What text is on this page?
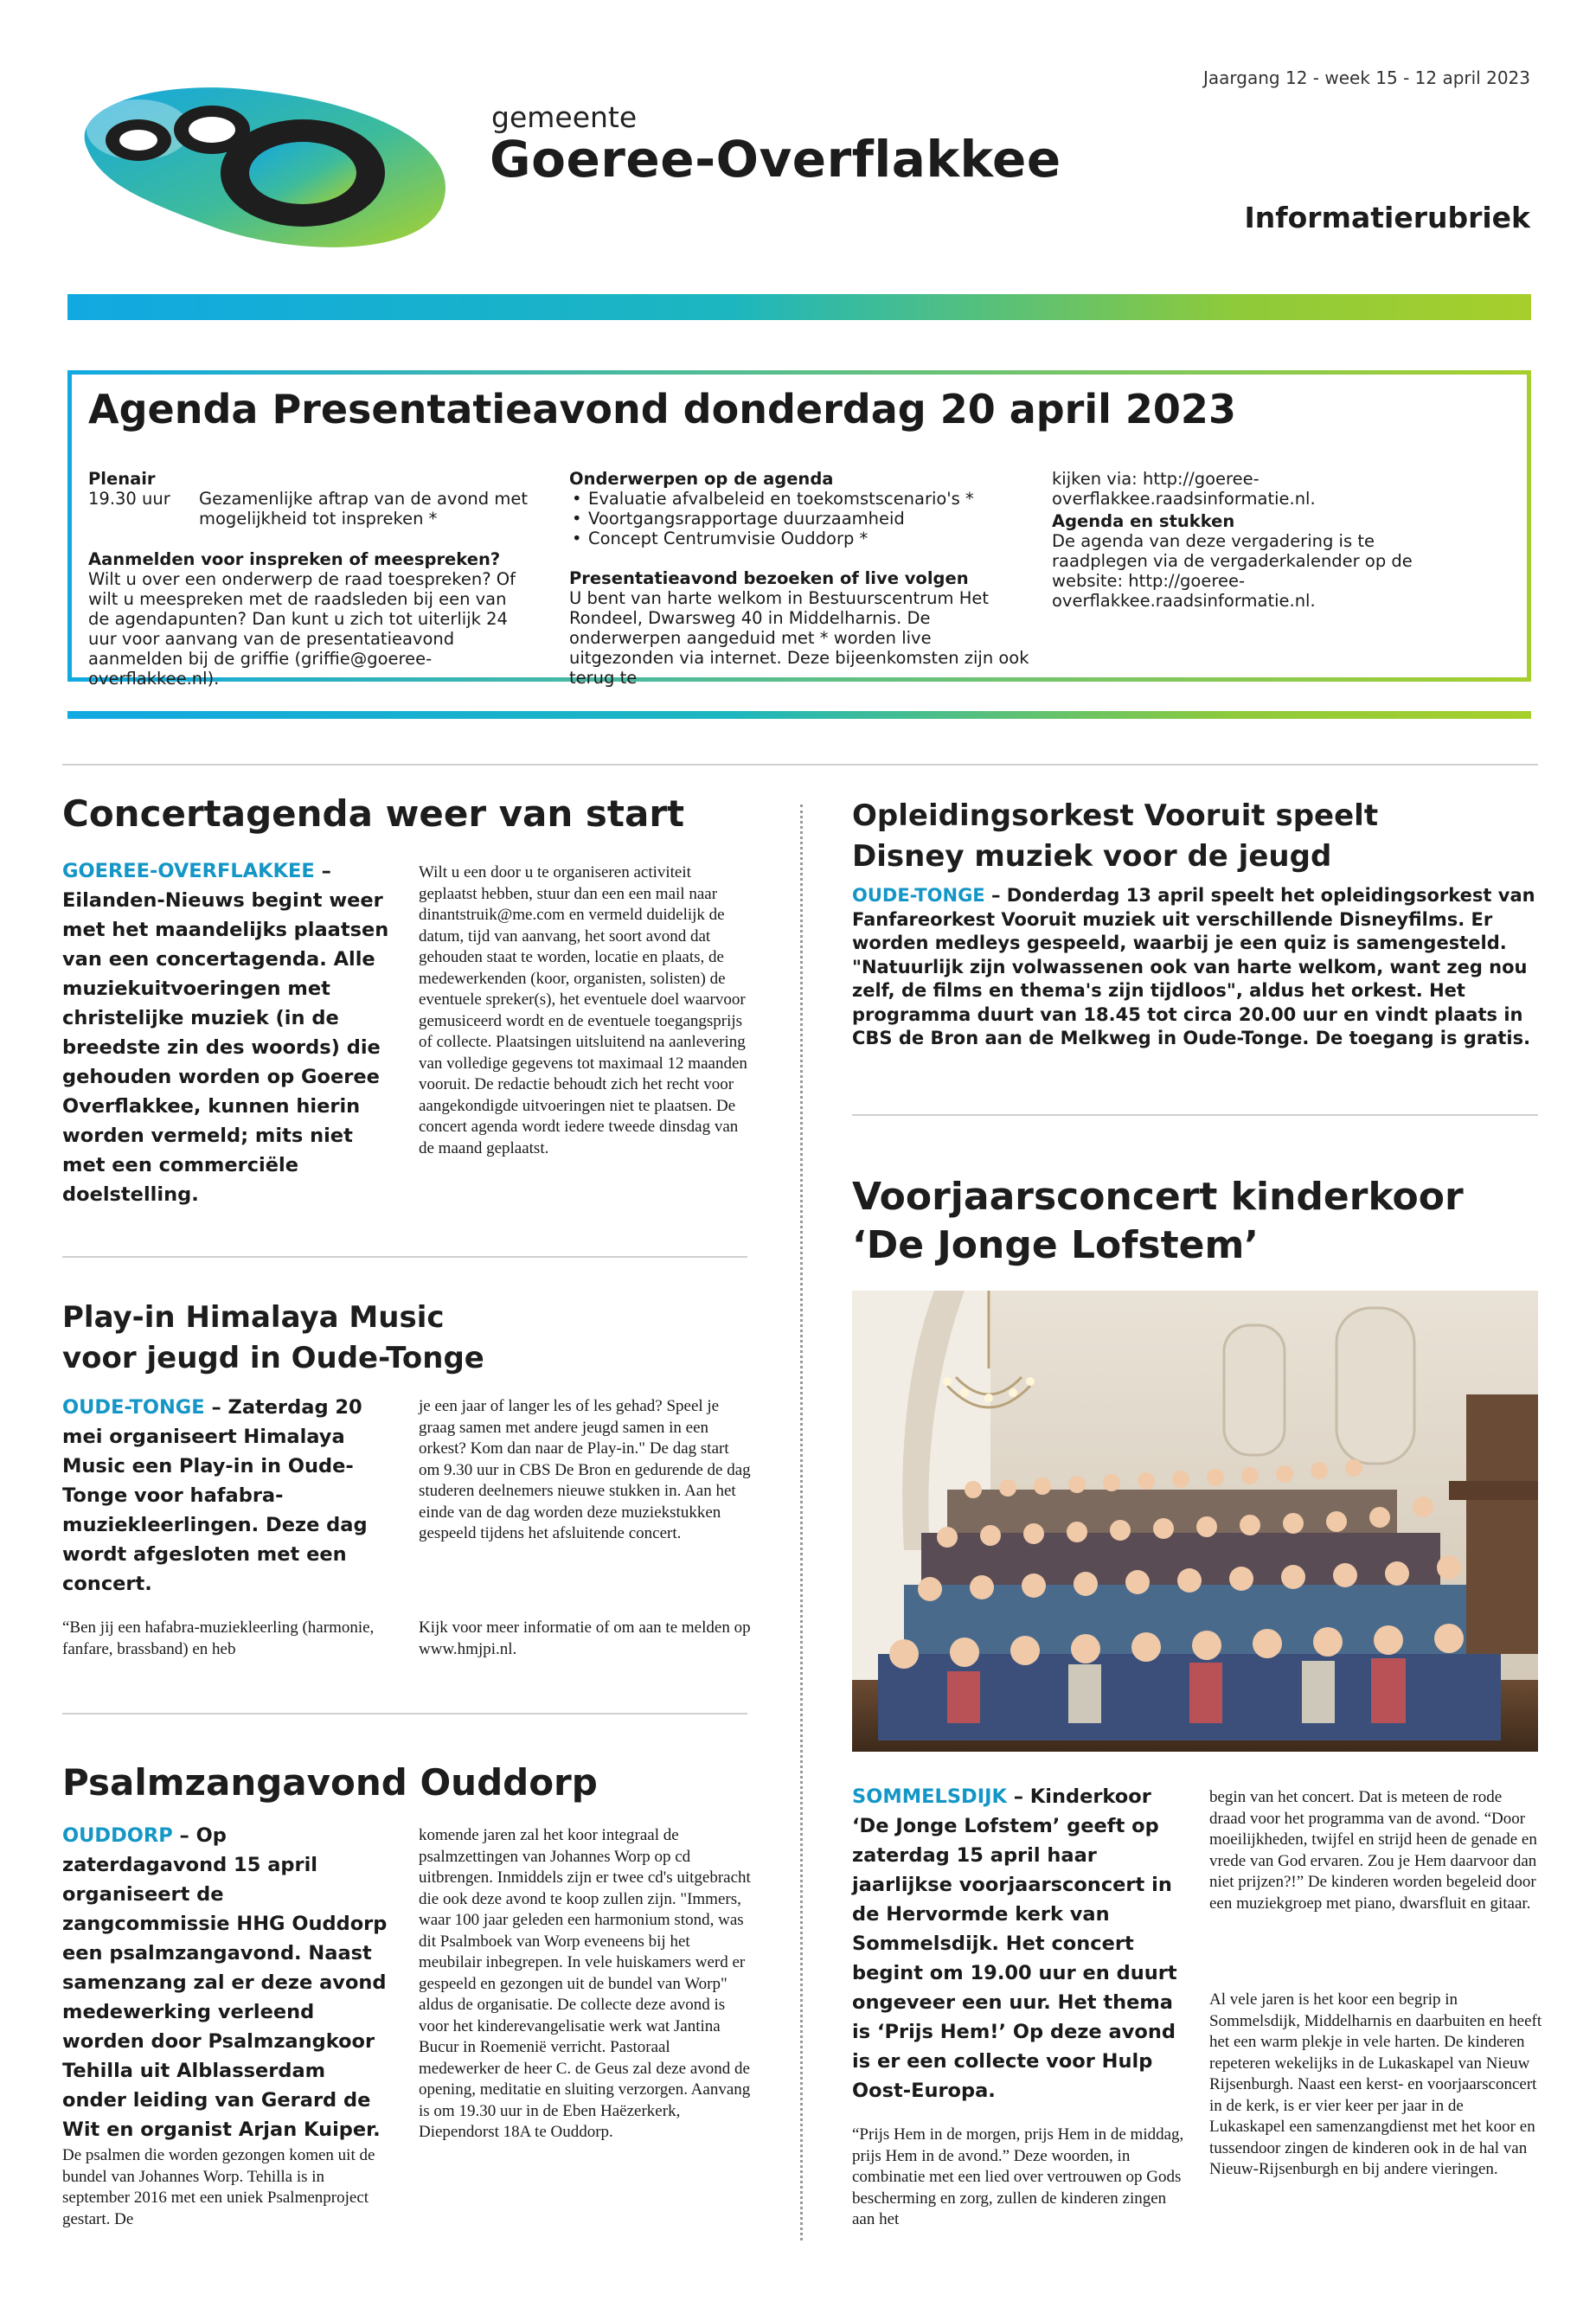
gemeente
Goeree-Overflakkee
Jaargang 12 - week 15 - 12 april 2023
Informatierubriek
Agenda Presentatieavond donderdag 20 april 2023

Plenair

19.30 uur	Gezamenlijke aftrap van de avond met mogelijkheid tot inspreken *

Aanmelden voor inspreken of meespreken?

Wilt u over een onderwerp de raad toespreken? Of wilt u meespreken met de raadsleden bij een van de agendapunten? Dan kunt u zich tot uiterlijk 24 uur voor aanvang van de presentatieavond aanmelden bij de griffie (griffie@goeree-overflakkee.nl).

Onderwerpen op de agenda

• Evaluatie afvalbeleid en toekomstscenario's *
• Voortgangsrapportage duurzaamheid
• Concept Centrumvisie Ouddorp *

Presentatieavond bezoeken of live volgen

U bent van harte welkom in Bestuurscentrum Het Rondeel, Dwarsweg 40 in Middelharnis. De onderwerpen aangeduid met * worden live uitgezonden via internet. Deze bijeenkomsten zijn ook terug te

kijken via: http://goeree-overflakkee.raadsinformatie.nl.

Agenda en stukken

De agenda van deze vergadering is te raadplegen via de vergaderkalender op de website: http://goeree-overflakkee.raadsinformatie.nl.

Concertagenda weer van start

GOEREE-OVERFLAKKEE – Eilanden-Nieuws begint weer met het maandelijks plaatsen van een concertagenda. Alle muziekuitvoeringen met christelijke muziek (in de breedste zin des woords) die gehouden worden op Goeree Overflakkee, kunnen hierin worden vermeld; mits niet met een commerciële doelstelling.

Wilt u een door u te organiseren activiteit geplaatst hebben, stuur dan een een mail naar dinantstruik@me.com en vermeld duidelijk de datum, tijd van aanvang, het soort avond dat gehouden staat te worden, locatie en plaats, de medewerkenden (koor, organisten, solisten) de eventuele spreker(s), het eventuele doel waarvoor gemusiceerd wordt en de eventuele toegangsprijs of collecte. Plaatsingen uitsluitend na aanlevering van volledige gegevens tot maximaal 12 maanden vooruit. De redactie behoudt zich het recht voor aangekondigde uitvoeringen niet te plaatsen. De concert agenda wordt iedere tweede dinsdag van de maand geplaatst.

Play-in Himalaya Music
voor jeugd in Oude-Tonge

OUDE-TONGE – Zaterdag 20 mei organiseert Himalaya Music een Play-in in Oude-Tonge voor hafabra-muziekleerlingen. Deze dag wordt afgesloten met een concert.

“Ben jij een hafabra-muziekleerling (harmonie, fanfare, brassband) en heb

je een jaar of langer les of les gehad? Speel je graag samen met andere jeugd samen in een orkest? Kom dan naar de Play-in." De dag start om 9.30 uur in CBS De Bron en gedurende de dag studeren deelnemers nieuwe stukken in. Aan het einde van de dag worden deze muziekstukken gespeeld tijdens het afsluitende concert.

Kijk voor meer informatie of om aan te melden op www.hmjpi.nl.

Psalmzangavond Ouddorp

OUDDORP – Op zaterdagavond 15 april organiseert de zangcommissie HHG Ouddorp een psalmzangavond. Naast samenzang zal er deze avond medewerking verleend worden door Psalmzangkoor Tehilla uit Alblasserdam onder leiding van Gerard de Wit en organist Arjan Kuiper.

De psalmen die worden gezongen komen uit de bundel van Johannes Worp. Tehilla is in september 2016 met een uniek Psalmenproject gestart. De

komende jaren zal het koor integraal de psalmzettingen van Johannes Worp op cd uitbrengen. Inmiddels zijn er twee cd's uitgebracht die ook deze avond te koop zullen zijn. "Immers, waar 100 jaar geleden een harmonium stond, was dit Psalmboek van Worp eveneens bij het meubilair inbegrepen. In vele huiskamers werd er gespeeld en gezongen uit de bundel van Worp" aldus de organisatie. De collecte deze avond is voor het kinderevangelisatie werk wat Jantina Bucur in Roemenië verricht. Pastoraal medewerker de heer C. de Geus zal deze avond de opening, meditatie en sluiting verzorgen. Aanvang is om 19.30 uur in de Eben Haëzerkerk, Diependorst 18A te Ouddorp.

Opleidingsorkest Vooruit speelt
Disney muziek voor de jeugd

OUDE-TONGE – Donderdag 13 april speelt het opleidingsorkest van Fanfareorkest Vooruit muziek uit verschillende Disneyfilms. Er worden medleys gespeeld, waarbij je een quiz is samengesteld. "Natuurlijk zijn volwassenen ook van harte welkom, want zeg nou zelf, de films en thema's zijn tijdloos", aldus het orkest. Het programma duurt van 18.45 tot circa 20.00 uur en vindt plaats in CBS de Bron aan de Melkweg in Oude-Tonge. De toegang is gratis.

Voorjaarsconcert kinderkoor
‘De Jonge Lofstem’

SOMMELSDIJK – Kinderkoor ‘De Jonge Lofstem’ geeft op zaterdag 15 april haar jaarlijkse voorjaarsconcert in de Hervormde kerk van Sommelsdijk. Het concert begint om 19.00 uur en duurt ongeveer een uur. Het thema is ‘Prijs Hem!’ Op deze avond is er een collecte voor Hulp Oost-Europa.

“Prijs Hem in de morgen, prijs Hem in de middag, prijs Hem in de avond.” Deze woorden, in combinatie met een lied over vertrouwen op Gods bescherming en zorg, zullen de kinderen zingen aan het

begin van het concert. Dat is meteen de rode draad voor het programma van de avond. “Door moeilijkheden, twijfel en strijd heen de genade en vrede van God ervaren. Zou je Hem daarvoor dan niet prijzen?!” De kinderen worden begeleid door een muziekgroep met piano, dwarsfluit en gitaar.

Al vele jaren is het koor een begrip in Sommelsdijk, Middelharnis en daarbuiten en heeft het een warm plekje in vele harten. De kinderen repeteren wekelijks in de Lukaskapel van Nieuw Rijsenburgh. Naast een kerst- en voorjaarsconcert in de kerk, is er vier keer per jaar in de Lukaskapel een samenzangdienst met het koor en tussendoor zingen de kinderen ook in de hal van Nieuw-Rijsenburgh en bij andere vieringen.
